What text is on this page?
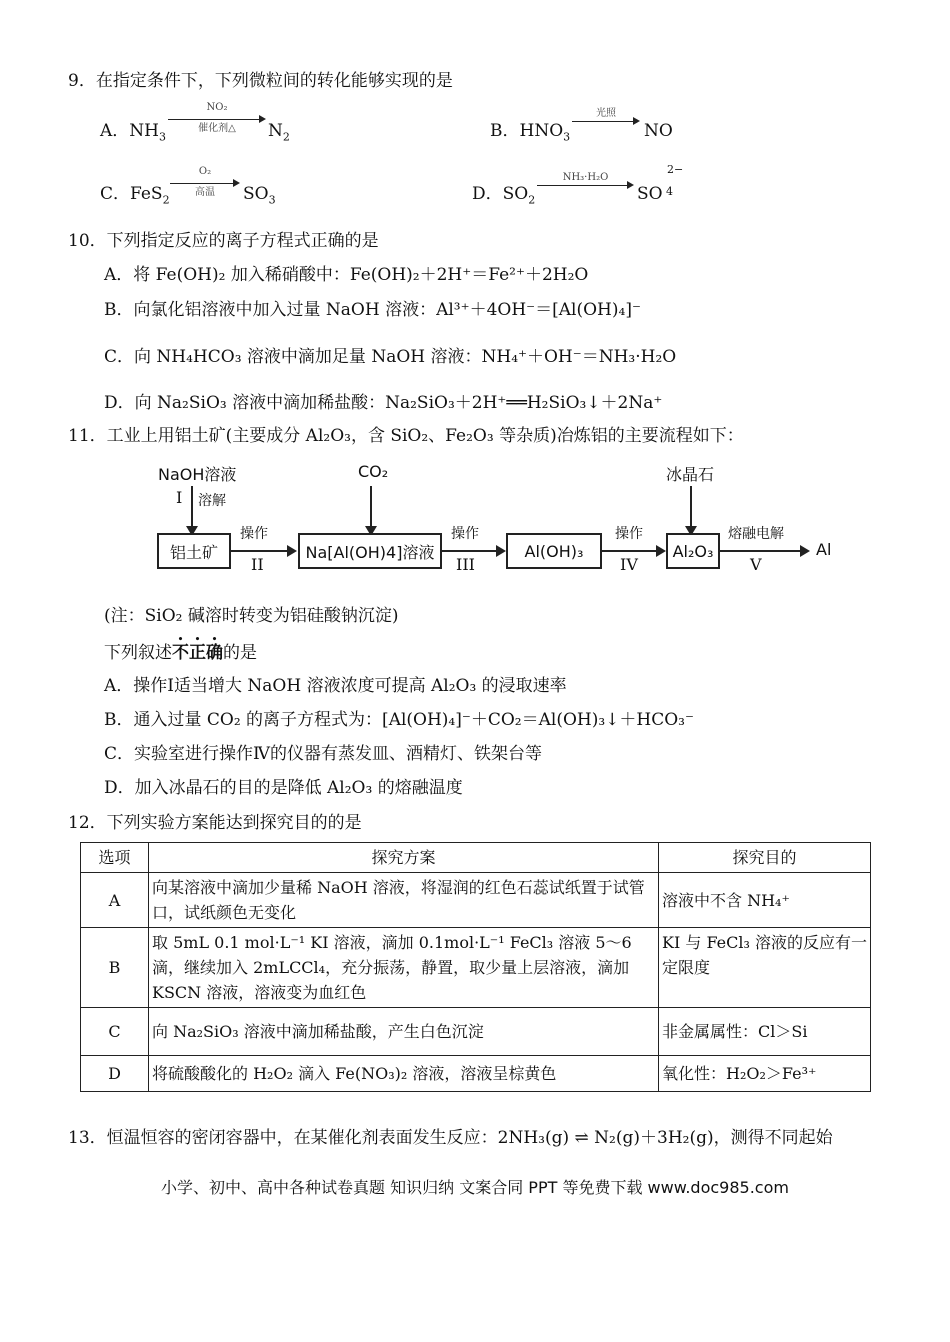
9．在指定条件下，下列微粒间的转化能够实现的是
A．$NH_3$
NO₂
催化剂△	$N_2$	B．$HNO_3$
光照
NO
C．FeS$_2$
O₂
高温	$SO_3$	D．$SO_2$
NH₃·H₂O
SO
2−
4
10．下列指定反应的离子方程式正确的是
A．将 Fe(OH)₂ 加入稀硝酸中：Fe(OH)₂＋2H⁺＝Fe²⁺＋2H₂O
B．向氯化铝溶液中加入过量 NaOH 溶液：Al³⁺＋4OH⁻＝[Al(OH)₄]⁻
C．向 NH₄HCO₃ 溶液中滴加足量 NaOH 溶液：NH₄⁺＋OH⁻＝NH₃·H₂O
D．向 Na₂SiO₃ 溶液中滴加稀盐酸：Na₂SiO₃＋2H⁺══H₂SiO₃↓＋2Na⁺
11．工业上用铝土矿(主要成分 Al₂O₃，含 SiO₂、Fe₂O₃ 等杂质)冶炼铝的主要流程如下：
NaOH溶液
I 溶解
铝土矿
操作
II
CO₂
Na[Al(OH)4]溶液
操作
III
Al(OH)₃
操作
IV
冰晶石
Al₂O₃
熔融电解
V
Al
(注：SiO₂ 碱溶时转变为铝硅酸钠沉淀)
下列叙述不正确的是
A．操作Ⅰ适当增大 NaOH 溶液浓度可提高 Al₂O₃ 的浸取速率
B．通入过量 CO₂ 的离子方程式为：[Al(OH)₄]⁻＋CO₂＝Al(OH)₃↓＋HCO₃⁻
C．实验室进行操作Ⅳ的仪器有蒸发皿、酒精灯、铁架台等
D．加入冰晶石的目的是降低 Al₂O₃ 的熔融温度
12．下列实验方案能达到探究目的的是
选项	探究方案	探究目的
A	向某溶液中滴加少量稀 NaOH 溶液，将湿润的红色石蕊试纸置于试管口，试纸颜色无变化	溶液中不含 NH₄⁺
B	取 5mL 0.1 mol·L⁻¹ KI 溶液，滴加 0.1mol·L⁻¹ FeCl₃ 溶液 5～6 滴，继续加入 2mLCCl₄，充分振荡，静置，取少量上层溶液，滴加 KSCN 溶液，溶液变为血红色	KI 与 FeCl₃ 溶液的反应有一定限度
C	向 Na₂SiO₃ 溶液中滴加稀盐酸，产生白色沉淀	非金属属性：Cl＞Si
D	将硫酸酸化的 H₂O₂ 滴入 Fe(NO₃)₂ 溶液，溶液呈棕黄色	氧化性：H₂O₂＞Fe³⁺
13．恒温恒容的密闭容器中，在某催化剂表面发生反应：2NH₃(g) ⇌ N₂(g)＋3H₂(g)，测得不同起始
小学、初中、高中各种试卷真题 知识归纳 文案合同 PPT 等免费下载 www.doc985.com
